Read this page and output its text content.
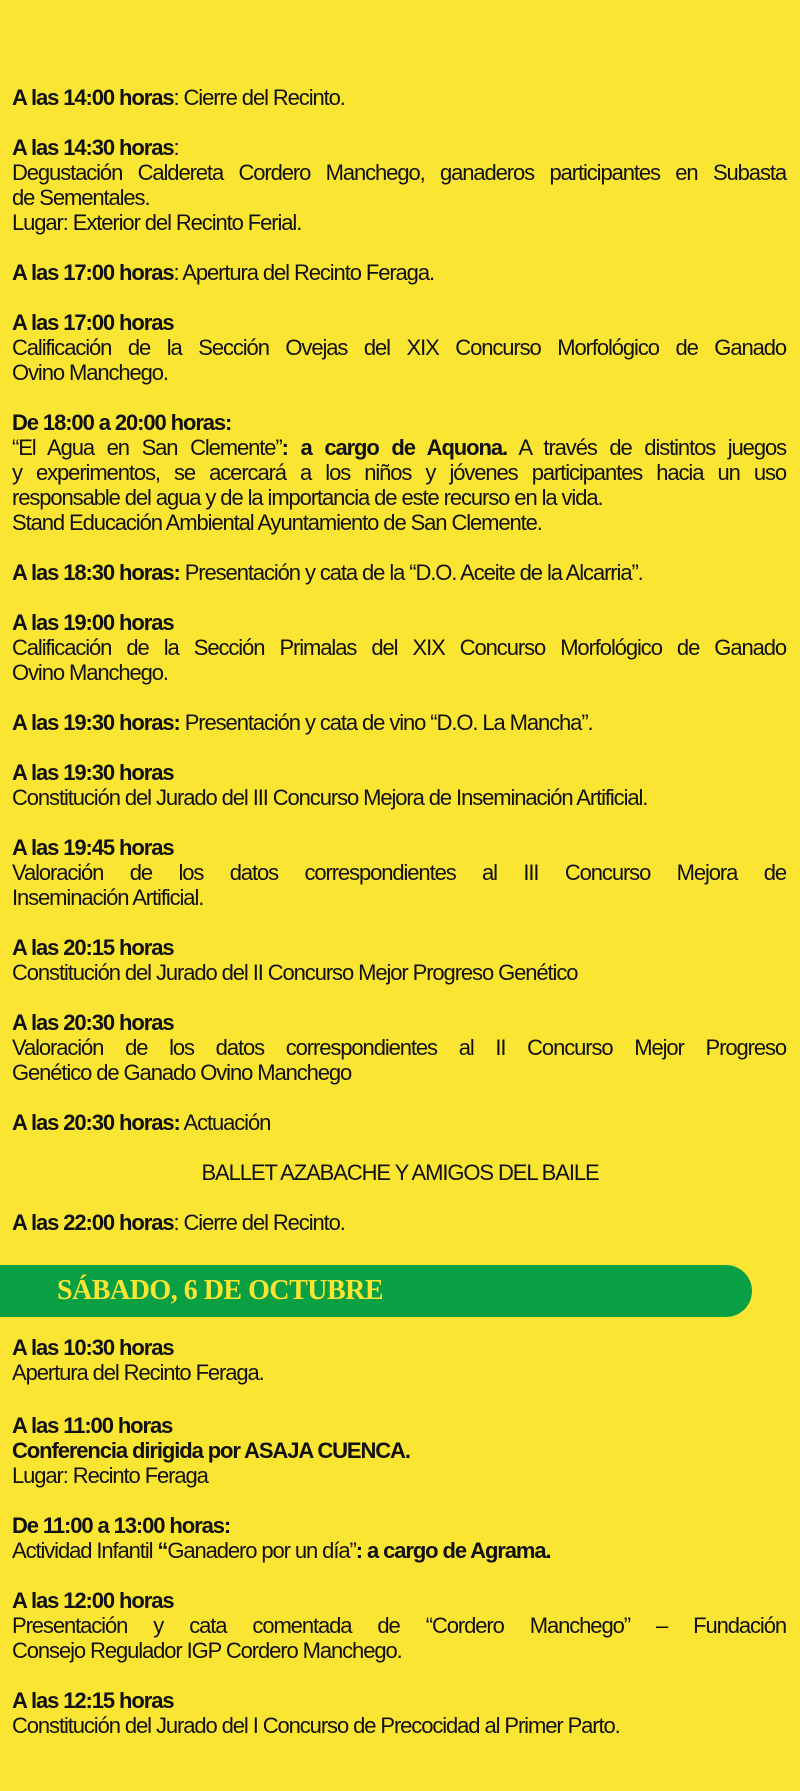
A las 14:00 horas: Cierre del Recinto.
A las 14:30 horas:
Degustación Caldereta Cordero Manchego, ganaderos participantes en Subasta
de Sementales.
Lugar: Exterior del Recinto Ferial.
A las 17:00 horas: Apertura del Recinto Feraga.
A las 17:00 horas
Calificación de la Sección Ovejas del XIX Concurso Morfológico de Ganado
Ovino Manchego.
De 18:00 a 20:00 horas:
“El Agua en San Clemente”: a cargo de Aquona. A través de distintos juegos
y experimentos, se acercará a los niños y jóvenes participantes hacia un uso
responsable del agua y de la importancia de este recurso en la vida.
Stand Educación Ambiental Ayuntamiento de San Clemente.
A las 18:30 horas: Presentación y cata de la “D.O. Aceite de la Alcarria”.
A las 19:00 horas
Calificación de la Sección Primalas del XIX Concurso Morfológico de Ganado
Ovino Manchego.
A las 19:30 horas: Presentación y cata de vino “D.O. La Mancha”.
A las 19:30 horas
Constitución del Jurado del III Concurso Mejora de Inseminación Artificial.
A las 19:45 horas
Valoración de los datos correspondientes al III Concurso Mejora de
Inseminación Artificial.
A las 20:15 horas
Constitución del Jurado del II Concurso Mejor Progreso Genético
A las 20:30 horas
Valoración de los datos correspondientes al II Concurso Mejor Progreso
Genético de Ganado Ovino Manchego
A las 20:30 horas: Actuación
BALLET AZABACHE Y AMIGOS DEL BAILE
A las 22:00 horas: Cierre del Recinto.
SÁBADO, 6 DE OCTUBRE
A las 10:30 horas
Apertura del Recinto Feraga.
A las 11:00 horas
Conferencia dirigida por ASAJA CUENCA.
Lugar: Recinto Feraga
De 11:00 a 13:00 horas:
Actividad Infantil “Ganadero por un día”: a cargo de Agrama.
A las 12:00 horas
Presentación y cata comentada de “Cordero Manchego” – Fundación
Consejo Regulador IGP Cordero Manchego.
A las 12:15 horas
Constitución del Jurado del I Concurso de Precocidad al Primer Parto.
